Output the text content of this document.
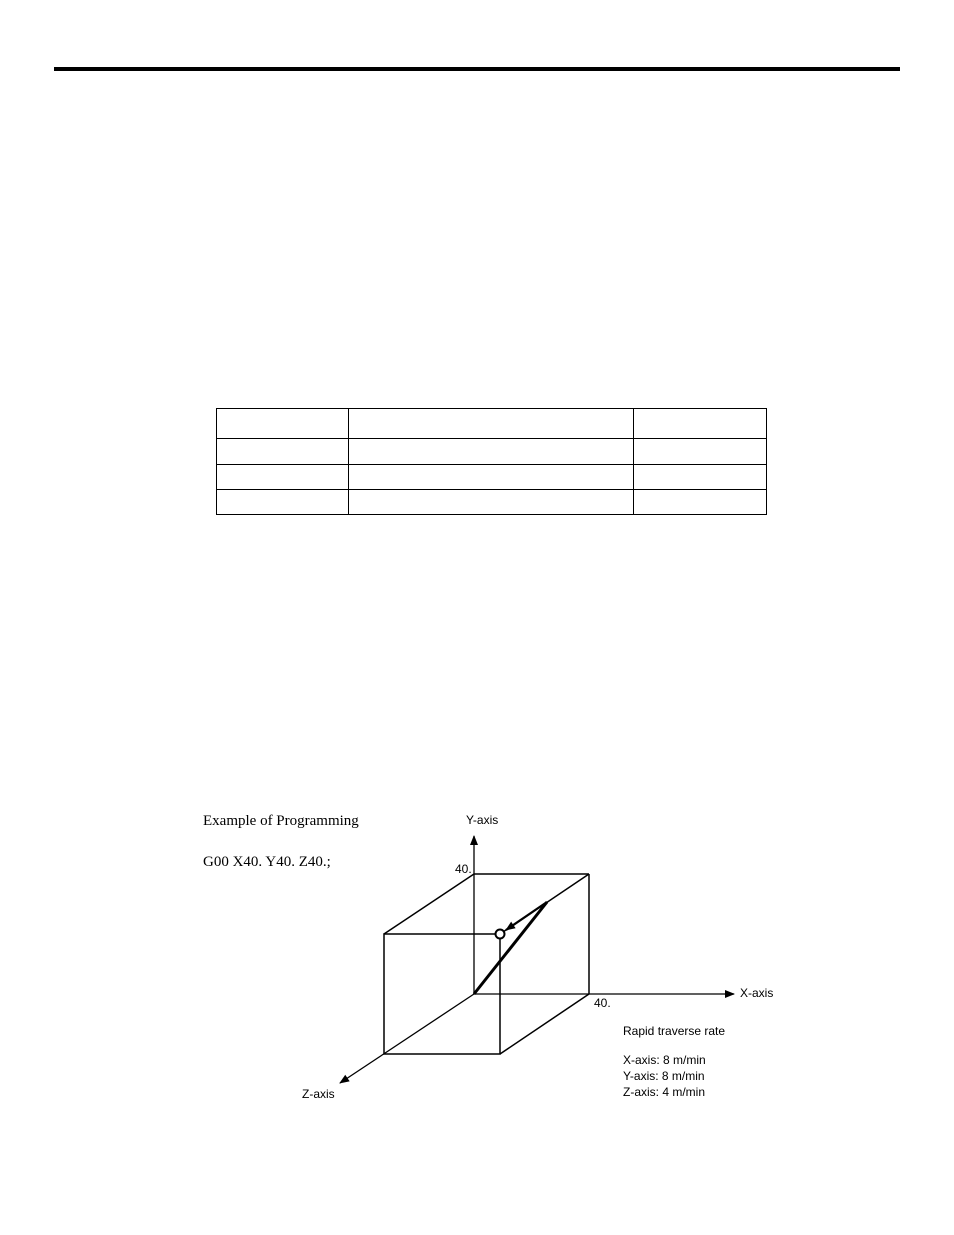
Example of Programming
G00 X40. Y40. Z40.;
Y-axis
40.
X-axis
40.
Z-axis
Rapid traverse rate
X-axis: 8 m/min
Y-axis: 8 m/min
Z-axis: 4 m/min
